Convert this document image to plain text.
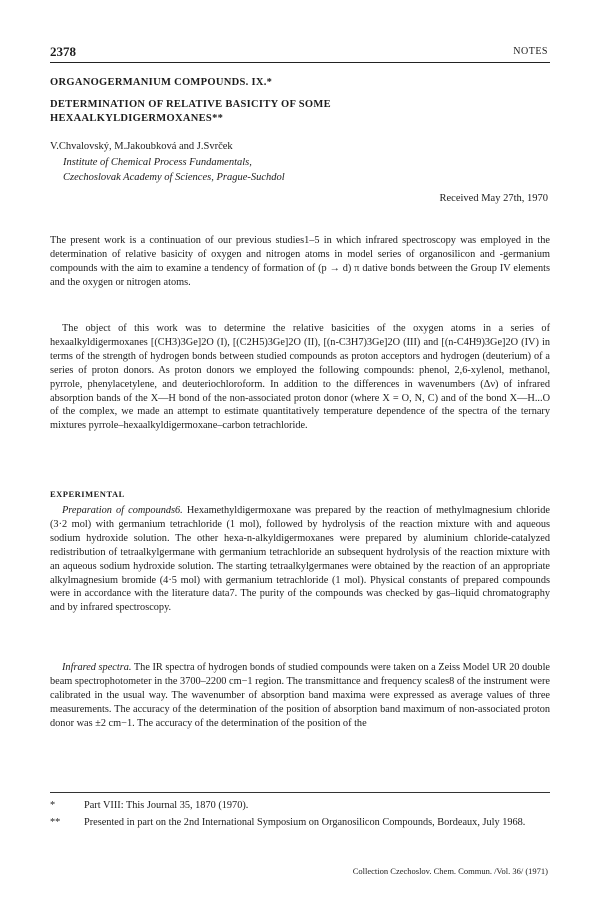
2378	NOTES
ORGANOGERMANIUM COMPOUNDS. IX.*
DETERMINATION OF RELATIVE BASICITY OF SOME HEXAALKYLDIGERMOXANES**
V.Chvalovský, M.Jakoubková and J.Svrček
Institute of Chemical Process Fundamentals,
Czechoslovak Academy of Sciences, Prague-Suchdol
Received May 27th, 1970
The present work is a continuation of our previous studies1–5 in which infrared spectroscopy was employed in the determination of relative basicity of oxygen and nitrogen atoms in model series of organosilicon and -germanium compounds with the aim to examine a tendency of formation of (p → d) π dative bonds between the Group IV elements and the oxygen or nitrogen atoms.
The object of this work was to determine the relative basicities of the oxygen atoms in a series of hexaalkyldigermoxanes [(CH3)3Ge]2O (I), [(C2H5)3Ge]2O (II), [(n-C3H7)3Ge]2O (III) and [(n-C4H9)3Ge]2O (IV) in terms of the strength of hydrogen bonds between studied compounds as proton acceptors and hydrogen (deuterium) of a series of proton donors. As proton donors we employed the following compounds: phenol, 2,6-xylenol, methanol, pyrrole, phenylacetylene, and deuteriochloroform. In addition to the differences in wavenumbers (Δν) of infrared absorption bands of the X—H bond of the non-associated proton donor (where X = O, N, C) and of the bond X—H...O of the complex, we made an attempt to estimate quantitatively temperature dependence of the spectra of the ternary mixtures pyrrole–hexaalkyldigermoxane–carbon tetrachloride.
EXPERIMENTAL
Preparation of compounds6. Hexamethyldigermoxane was prepared by the reaction of methylmagnesium chloride (3·2 mol) with germanium tetrachloride (1 mol), followed by hydrolysis of the reaction mixture with and aqueous sodium hydroxide solution. The other hexa-n-alkyldigermoxanes were prepared by aluminium chloride-catalyzed redistribution of tetraalkylgermane with germanium tetrachloride an subsequent hydrolysis of the reaction mixture with an aqueous sodium hydroxide solution. The starting tetraalkylgermanes were obtained by the reaction of an appropriate alkylmagnesium bromide (4·5 mol) with germanium tetrachloride (1 mol). Physical constants of prepared compounds were in accordance with the literature data7. The purity of the compounds was checked by gas–liquid chromatography and by infrared spectroscopy.
Infrared spectra. The IR spectra of hydrogen bonds of studied compounds were taken on a Zeiss Model UR 20 double beam spectrophotometer in the 3700–2200 cm−1 region. The transmittance and frequency scales8 of the instrument were calibrated in the usual way. The wavenumber of absorption band maxima were expressed as average values of three measurements. The accuracy of the determination of the position of absorption band maximum of non-associated proton donor was ±2 cm−1. The accuracy of the determination of the position of the
*	Part VIII: This Journal 35, 1870 (1970).
** Presented in part on the 2nd International Symposium on Organosilicon Compounds, Bordeaux, July 1968.
Collection Czechoslov. Chem. Commun. /Vol. 36/ (1971)
